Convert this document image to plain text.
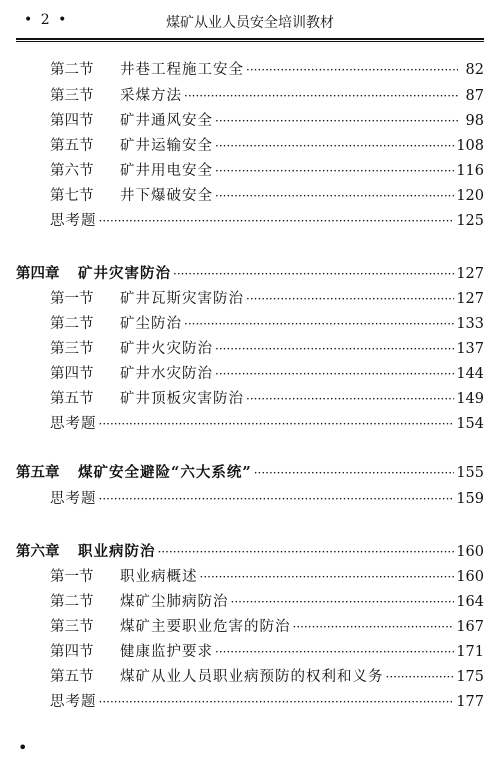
• 2 •	煤矿从业人员安全培训教材
第二节	井巷工程施工安全 ·····	82
第三节	采煤方法 ·····	87
第四节	矿井通风安全 ·····	98
第五节	矿井运输安全 ·····	108
第六节	矿井用电安全 ·····	116
第七节	井下爆破安全 ·····	120
思考题 ·····	125
第四章	矿井灾害防治 ·····	127
第一节	矿井瓦斯灾害防治 ·····	127
第二节	矿尘防治 ·····	133
第三节	矿井火灾防治 ·····	137
第四节	矿井水灾防治 ·····	144
第五节	矿井顶板灾害防治 ·····	149
思考题 ·····	154
第五章	煤矿安全避险“六大系统” ·····	155
思考题 ·····	159
第六章	职业病防治 ·····	160
第一节	职业病概述 ·····	160
第二节	煤矿尘肺病防治 ·····	164
第三节	煤矿主要职业危害的防治 ·····	167
第四节	健康监护要求 ·····	171
第五节	煤矿从业人员职业病预防的权利和义务 ·····	175
思考题 ·····	177
•
